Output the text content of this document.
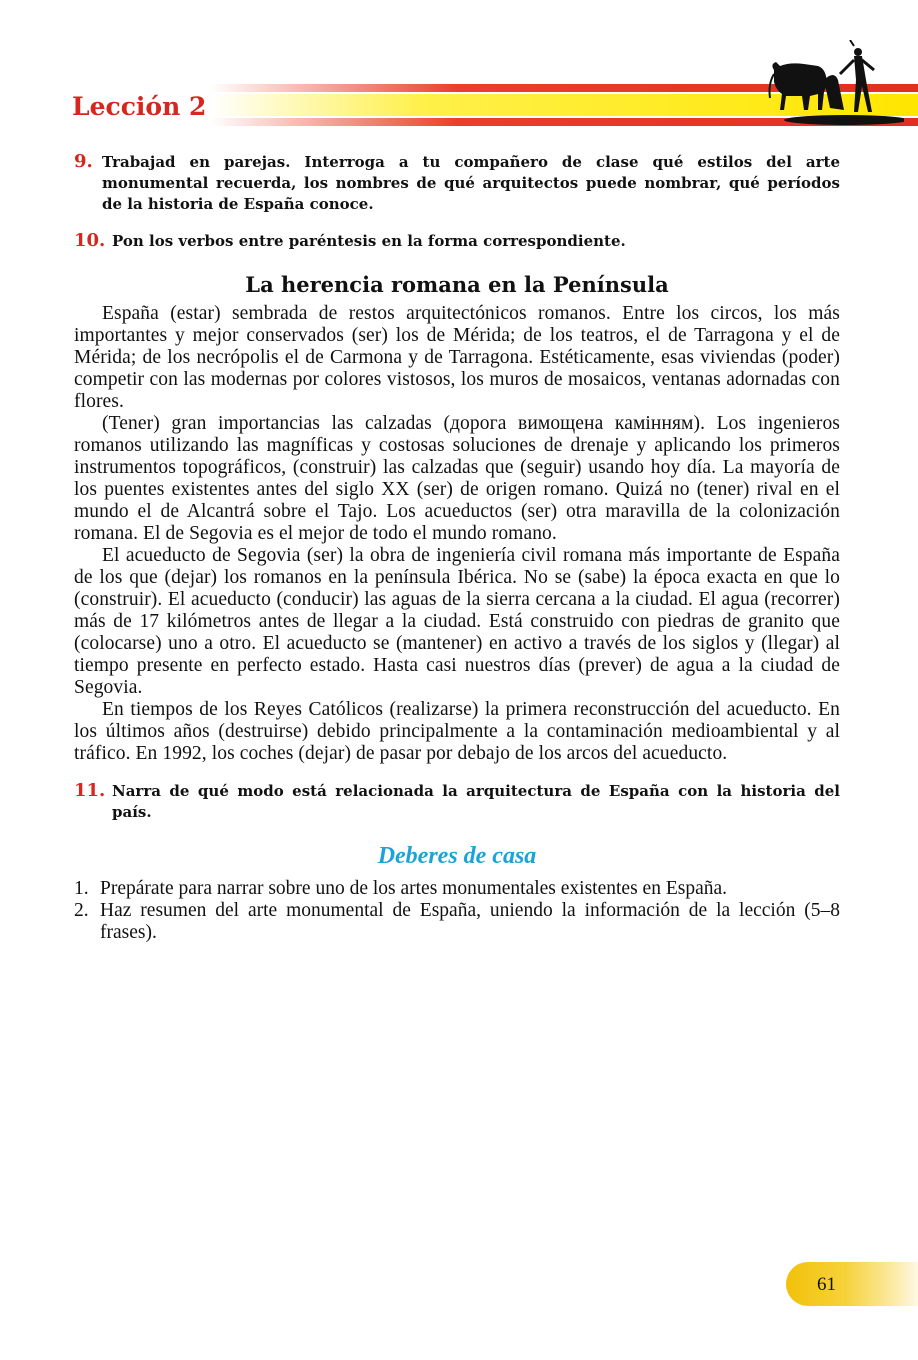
Lección 2

9. Trabajad en parejas. Interroga a tu compañero de clase qué estilos del arte monumental recuerda, los nombres de qué arquitectos puede nombrar, qué períodos de la historia de España conoce.

10. Pon los verbos entre paréntesis en la forma correspondiente.

La herencia romana en la Península

España (estar) sembrada de restos arquitectónicos romanos. Entre los circos, los más importantes y mejor conservados (ser) los de Mérida; de los teatros, el de Tarragona y el de Mérida; de los necrópolis el de Carmona y de Tarragona. Estéticamente, esas viviendas (poder) competir con las modernas por colores vistosos, los muros de mosaicos, ventanas adornadas con flores.

(Tener) gran importancias las calzadas (дорога вимощена камінням). Los ingenieros romanos utilizando las magníficas y costosas soluciones de drenaje y aplicando los primeros instrumentos topográficos, (construir) las calzadas que (seguir) usando hoy día. La mayoría de los puentes existentes antes del siglo XX (ser) de origen romano. Quizá no (tener) rival en el mundo el de Alcantrá sobre el Tajo. Los acueductos (ser) otra maravilla de la colonización romana. El de Segovia es el mejor de todo el mundo romano.

El acueducto de Segovia (ser) la obra de ingeniería civil romana más importante de España de los que (dejar) los romanos en la península Ibérica. No se (sabe) la época exacta en que lo (construir). El acueducto (conducir) las aguas de la sierra cercana a la ciudad. El agua (recorrer) más de 17 kilómetros antes de llegar a la ciudad. Está construido con piedras de granito que (colocarse) uno a otro. El acueducto se (mantener) en activo a través de los siglos y (llegar) al tiempo presente en perfecto estado. Hasta casi nuestros días (prever) de agua a la ciudad de Segovia.

En tiempos de los Reyes Católicos (realizarse) la primera reconstrucción del acueducto. En los últimos años (destruirse) debido principalmente a la contaminación medioambiental y al tráfico. En 1992, los coches (dejar) de pasar por debajo de los arcos del acueducto.

11. Narra de qué modo está relacionada la arquitectura de España con la historia del país.

Deberes de casa
1. Prepárate para narrar sobre uno de los artes monumentales existentes en España.
2. Haz resumen del arte monumental de España, uniendo la información de la lección (5–8 frases).
61
